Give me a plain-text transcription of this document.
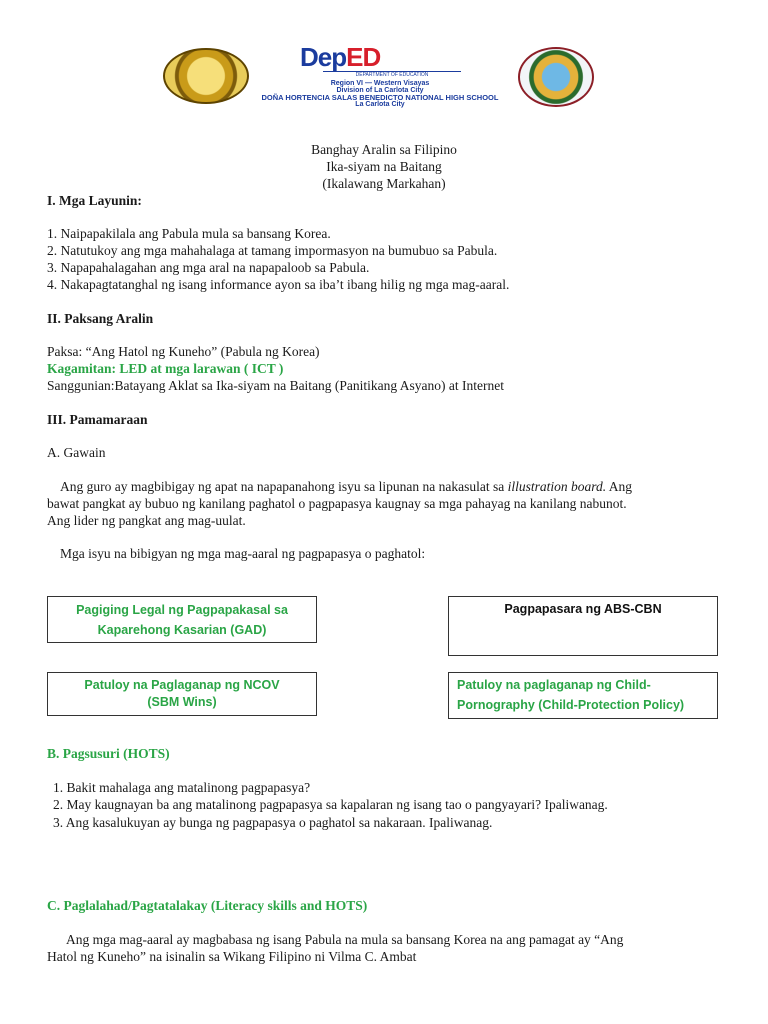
DepED
DEPARTMENT OF EDUCATION
Region VI — Western Visayas
Division of La Carlota City
DOÑA HORTENCIA SALAS BENEDICTO NATIONAL HIGH SCHOOL
La Carlota City
Banghay Aralin sa Filipino
Ika-siyam na Baitang
(Ikalawang Markahan)
I. Mga Layunin:
1. Naipapakilala ang Pabula mula sa bansang Korea.
2. Natutukoy ang mga mahahalaga at tamang impormasyon na bumubuo sa Pabula.
3. Napapahalagahan ang mga aral na napapaloob sa Pabula.
4. Nakapagtatanghal ng isang informance ayon sa iba’t ibang hilig ng mga mag-aaral.
II. Paksang Aralin
Paksa: “Ang Hatol ng Kuneho” (Pabula ng Korea)
Kagamitan: LED at mga larawan ( ICT )
Sanggunian:Batayang Aklat sa Ika-siyam na Baitang (Panitikang Asyano) at Internet
III. Pamamaraan
A. Gawain
Ang guro ay magbibigay ng apat na napapanahong isyu sa lipunan na nakasulat sa illustration board. Ang
bawat pangkat ay bubuo ng kanilang paghatol o pagpapasya kaugnay sa mga pahayag na kanilang nabunot.
Ang lider ng pangkat ang mag-uulat.
Mga isyu na bibigyan ng mga mag-aaral ng pagpapasya o paghatol:
Pagiging Legal ng Pagpapakasal sa
Kaparehong Kasarian (GAD)
Pagpapasara ng ABS-CBN
Patuloy na Paglaganap ng NCOV
(SBM Wins)
Patuloy na paglaganap ng Child-
Pornography (Child-Protection Policy)
B. Pagsusuri (HOTS)
1. Bakit mahalaga ang matalinong pagpapasya?
2. May kaugnayan ba ang matalinong pagpapasya sa kapalaran ng isang tao o pangyayari? Ipaliwanag.
3. Ang kasalukuyan ay bunga ng pagpapasya o paghatol sa nakaraan. Ipaliwanag.
C. Paglalahad/Pagtatalakay (Literacy skills and HOTS)
Ang mga mag-aaral ay magbabasa ng isang Pabula na mula sa bansang Korea na ang pamagat ay “Ang
Hatol ng Kuneho” na isinalin sa Wikang Filipino ni Vilma C. Ambat
